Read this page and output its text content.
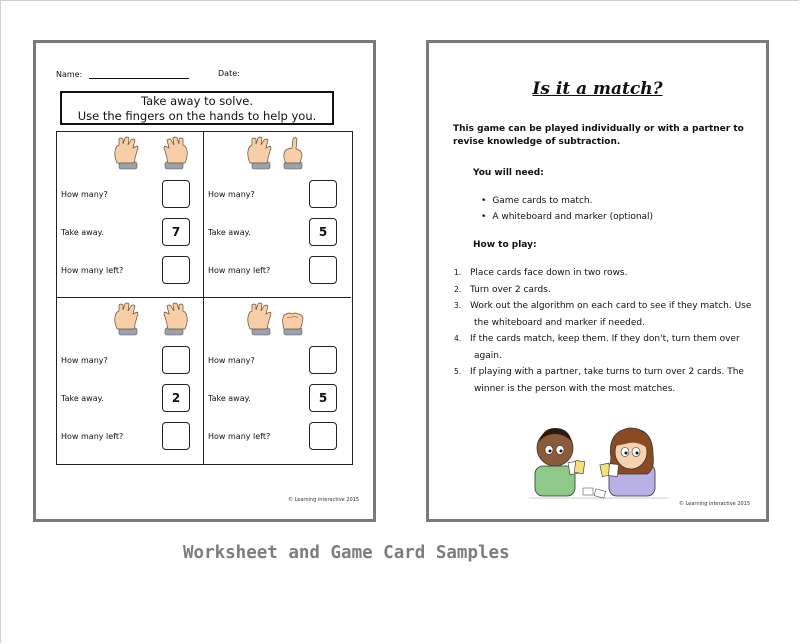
Name:	Date:
Take away to solve.
Use the fingers on the hands to help you.
How many?
Take away.	7
How many left?
How many?
Take away.	5
How many left?
How many?
Take away.	2
How many left?
How many?
Take away.	5
How many left?
© Learning interactive 2015
Is it a match?
This game can be played individually or with a partner to revise knowledge of subtraction.
You will need:
• Game cards to match.
• A whiteboard and marker (optional)
How to play:
1. Place cards face down in two rows.
2. Turn over 2 cards.
3. Work out the algorithm on each card to see if they match. Use the whiteboard and marker if needed.
4. If the cards match, keep them. If they don't, turn them over again.
5. If playing with a partner, take turns to turn over 2 cards. The winner is the person with the most matches.
© Learning interactive 2015
Worksheet and Game Card Samples
